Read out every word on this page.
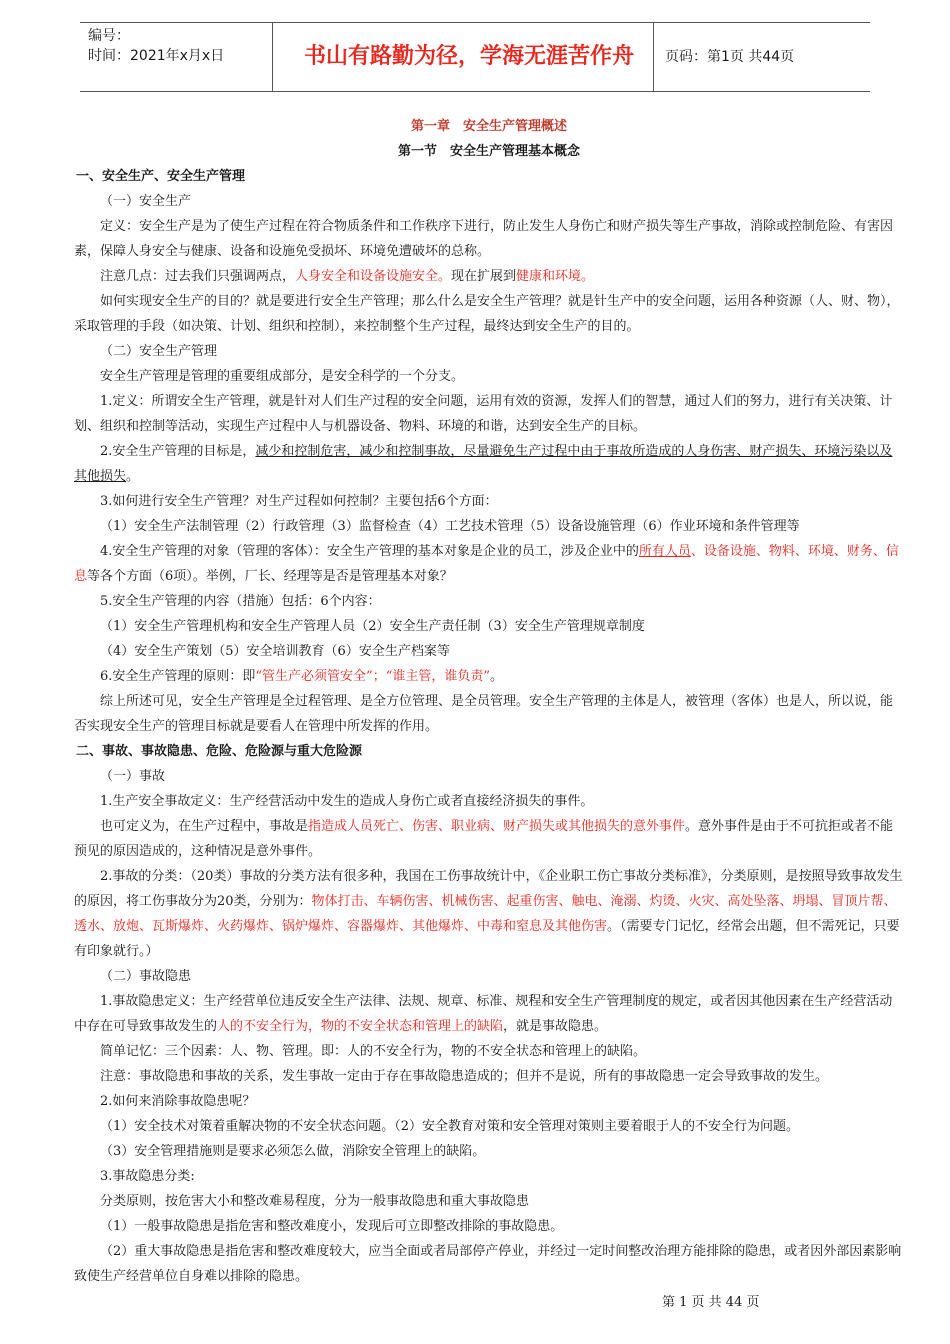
编号：
时间：2021年x月x日	书山有路勤为径，学海无涯苦作舟	页码：第1页 共44页
第一章　安全生产管理概述
第一节　安全生产管理基本概念
一、安全生产、安全生产管理

（一）安全生产

定义：安全生产是为了使生产过程在符合物质条件和工作秩序下进行，防止发生人身伤亡和财产损失等生产事故，消除或控制危险、有害因素，保障人身安全与健康、设备和设施免受损坏、环境免遭破坏的总称。

注意几点：过去我们只强调两点，人身安全和设备设施安全。现在扩展到健康和环境。

如何实现安全生产的目的？就是要进行安全生产管理；那么什么是安全生产管理？就是针生产中的安全问题，运用各种资源（人、财、物），采取管理的手段（如决策、计划、组织和控制），来控制整个生产过程，最终达到安全生产的目的。

（二）安全生产管理

安全生产管理是管理的重要组成部分，是安全科学的一个分支。

1.定义：所谓安全生产管理，就是针对人们生产过程的安全问题，运用有效的资源，发挥人们的智慧，通过人们的努力，进行有关决策、计划、组织和控制等活动，实现生产过程中人与机器设备、物料、环境的和谐，达到安全生产的目标。

2.安全生产管理的目标是，减少和控制危害，减少和控制事故，尽量避免生产过程中由于事故所造成的人身伤害、财产损失、环境污染以及其他损失。

3.如何进行安全生产管理？对生产过程如何控制？主要包括6个方面：

（1）安全生产法制管理（2）行政管理（3）监督检查（4）工艺技术管理（5）设备设施管理（6）作业环境和条件管理等

4.安全生产管理的对象（管理的客体）：安全生产管理的基本对象是企业的员工，涉及企业中的所有人员、设备设施、物料、环境、财务、信息等各个方面（6项）。举例，厂长、经理等是否是管理基本对象？

5.安全生产管理的内容（措施）包括：6个内容：

（1）安全生产管理机构和安全生产管理人员（2）安全生产责任制（3）安全生产管理规章制度

（4）安全生产策划（5）安全培训教育（6）安全生产档案等

6.安全生产管理的原则：即“管生产必须管安全”；“谁主管，谁负责”。

综上所述可见，安全生产管理是全过程管理、是全方位管理、是全员管理。安全生产管理的主体是人，被管理（客体）也是人，所以说，能否实现安全生产的管理目标就是要看人在管理中所发挥的作用。

二、事故、事故隐患、危险、危险源与重大危险源

（一）事故

1.生产安全事故定义：生产经营活动中发生的造成人身伤亡或者直接经济损失的事件。

也可定义为，在生产过程中，事故是指造成人员死亡、伤害、职业病、财产损失或其他损失的意外事件。意外事件是由于不可抗拒或者不能预见的原因造成的，这种情况是意外事件。

2.事故的分类：（20类）事故的分类方法有很多种，我国在工伤事故统计中，《企业职工伤亡事故分类标准》，分类原则，是按照导致事故发生的原因，将工伤事故分为20类，分别为：物体打击、车辆伤害、机械伤害、起重伤害、触电、淹溺、灼烫、火灾、高处坠落、坍塌、冒顶片帮、透水、放炮、瓦斯爆炸、火药爆炸、锅炉爆炸、容器爆炸、其他爆炸、中毒和窒息及其他伤害。（需要专门记忆，经常会出题，但不需死记，只要有印象就行。）

（二）事故隐患

1.事故隐患定义：生产经营单位违反安全生产法律、法规、规章、标准、规程和安全生产管理制度的规定，或者因其他因素在生产经营活动中存在可导致事故发生的人的不安全行为，物的不安全状态和管理上的缺陷，就是事故隐患。

简单记忆：三个因素：人、物、管理。即：人的不安全行为，物的不安全状态和管理上的缺陷。

注意：事故隐患和事故的关系，发生事故一定由于存在事故隐患造成的；但并不是说，所有的事故隐患一定会导致事故的发生。

2.如何来消除事故隐患呢？

（1）安全技术对策着重解决物的不安全状态问题。（2）安全教育对策和安全管理对策则主要着眼于人的不安全行为问题。

（3）安全管理措施则是要求必须怎么做，消除安全管理上的缺陷。

3.事故隐患分类:

分类原则，按危害大小和整改难易程度，分为一般事故隐患和重大事故隐患

（1）一般事故隐患是指危害和整改难度小，发现后可立即整改排除的事故隐患。

（2）重大事故隐患是指危害和整改难度较大，应当全面或者局部停产停业，并经过一定时间整改治理方能排除的隐患，或者因外部因素影响致使生产经营单位自身难以排除的隐患。

第 1 页 共 44 页
